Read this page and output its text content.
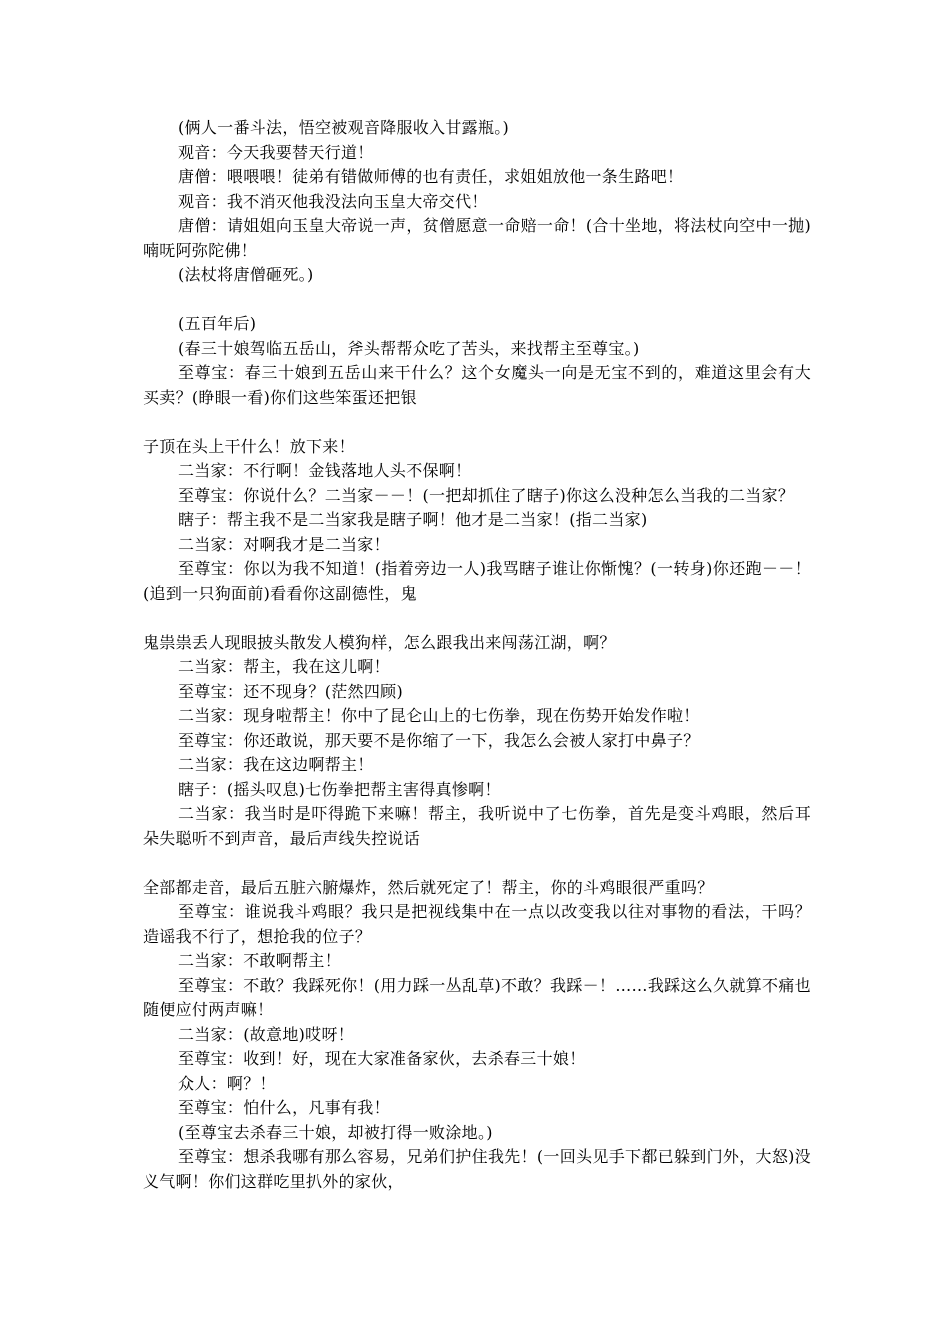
(俩人一番斗法，悟空被观音降服收入甘露瓶。)

观音：今天我要替天行道！

唐僧：喂喂喂！徒弟有错做师傅的也有责任，求姐姐放他一条生路吧！

观音：我不消灭他我没法向玉皇大帝交代！

唐僧：请姐姐向玉皇大帝说一声，贫僧愿意一命赔一命！(合十坐地，将法杖向空中一抛)喃呒阿弥陀佛！

(法杖将唐僧砸死。)

(五百年后)

(春三十娘驾临五岳山，斧头帮帮众吃了苦头，来找帮主至尊宝。)

至尊宝：春三十娘到五岳山来干什么？这个女魔头一向是无宝不到的，难道这里会有大买卖？(睁眼一看)你们这些笨蛋还把银

子顶在头上干什么！放下来！

二当家：不行啊！金钱落地人头不保啊！

至尊宝：你说什么？二当家－－！(一把却抓住了瞎子)你这么没种怎么当我的二当家？

瞎子：帮主我不是二当家我是瞎子啊！他才是二当家！(指二当家)

二当家：对啊我才是二当家！

至尊宝：你以为我不知道！(指着旁边一人)我骂瞎子谁让你惭愧？(一转身)你还跑－－！(追到一只狗面前)看看你这副德性，鬼

鬼祟祟丢人现眼披头散发人模狗样，怎么跟我出来闯荡江湖，啊？

二当家：帮主，我在这儿啊！

至尊宝：还不现身？(茫然四顾)

二当家：现身啦帮主！你中了昆仑山上的七伤拳，现在伤势开始发作啦！

至尊宝：你还敢说，那天要不是你缩了一下，我怎么会被人家打中鼻子？

二当家：我在这边啊帮主！

瞎子：(摇头叹息)七伤拳把帮主害得真惨啊！

二当家：我当时是吓得跪下来嘛！帮主，我听说中了七伤拳，首先是变斗鸡眼，然后耳朵失聪听不到声音，最后声线失控说话

全部都走音，最后五脏六腑爆炸，然后就死定了！帮主，你的斗鸡眼很严重吗？

至尊宝：谁说我斗鸡眼？我只是把视线集中在一点以改变我以往对事物的看法，干吗？造谣我不行了，想抢我的位子？

二当家：不敢啊帮主！

至尊宝：不敢？我踩死你！(用力踩一丛乱草)不敢？我踩－！……我踩这么久就算不痛也随便应付两声嘛！

二当家：(故意地)哎呀！

至尊宝：收到！好，现在大家准备家伙，去杀春三十娘！

众人：啊？！

至尊宝：怕什么，凡事有我！

(至尊宝去杀春三十娘，却被打得一败涂地。)

至尊宝：想杀我哪有那么容易，兄弟们护住我先！(一回头见手下都已躲到门外，大怒)没义气啊！你们这群吃里扒外的家伙，
